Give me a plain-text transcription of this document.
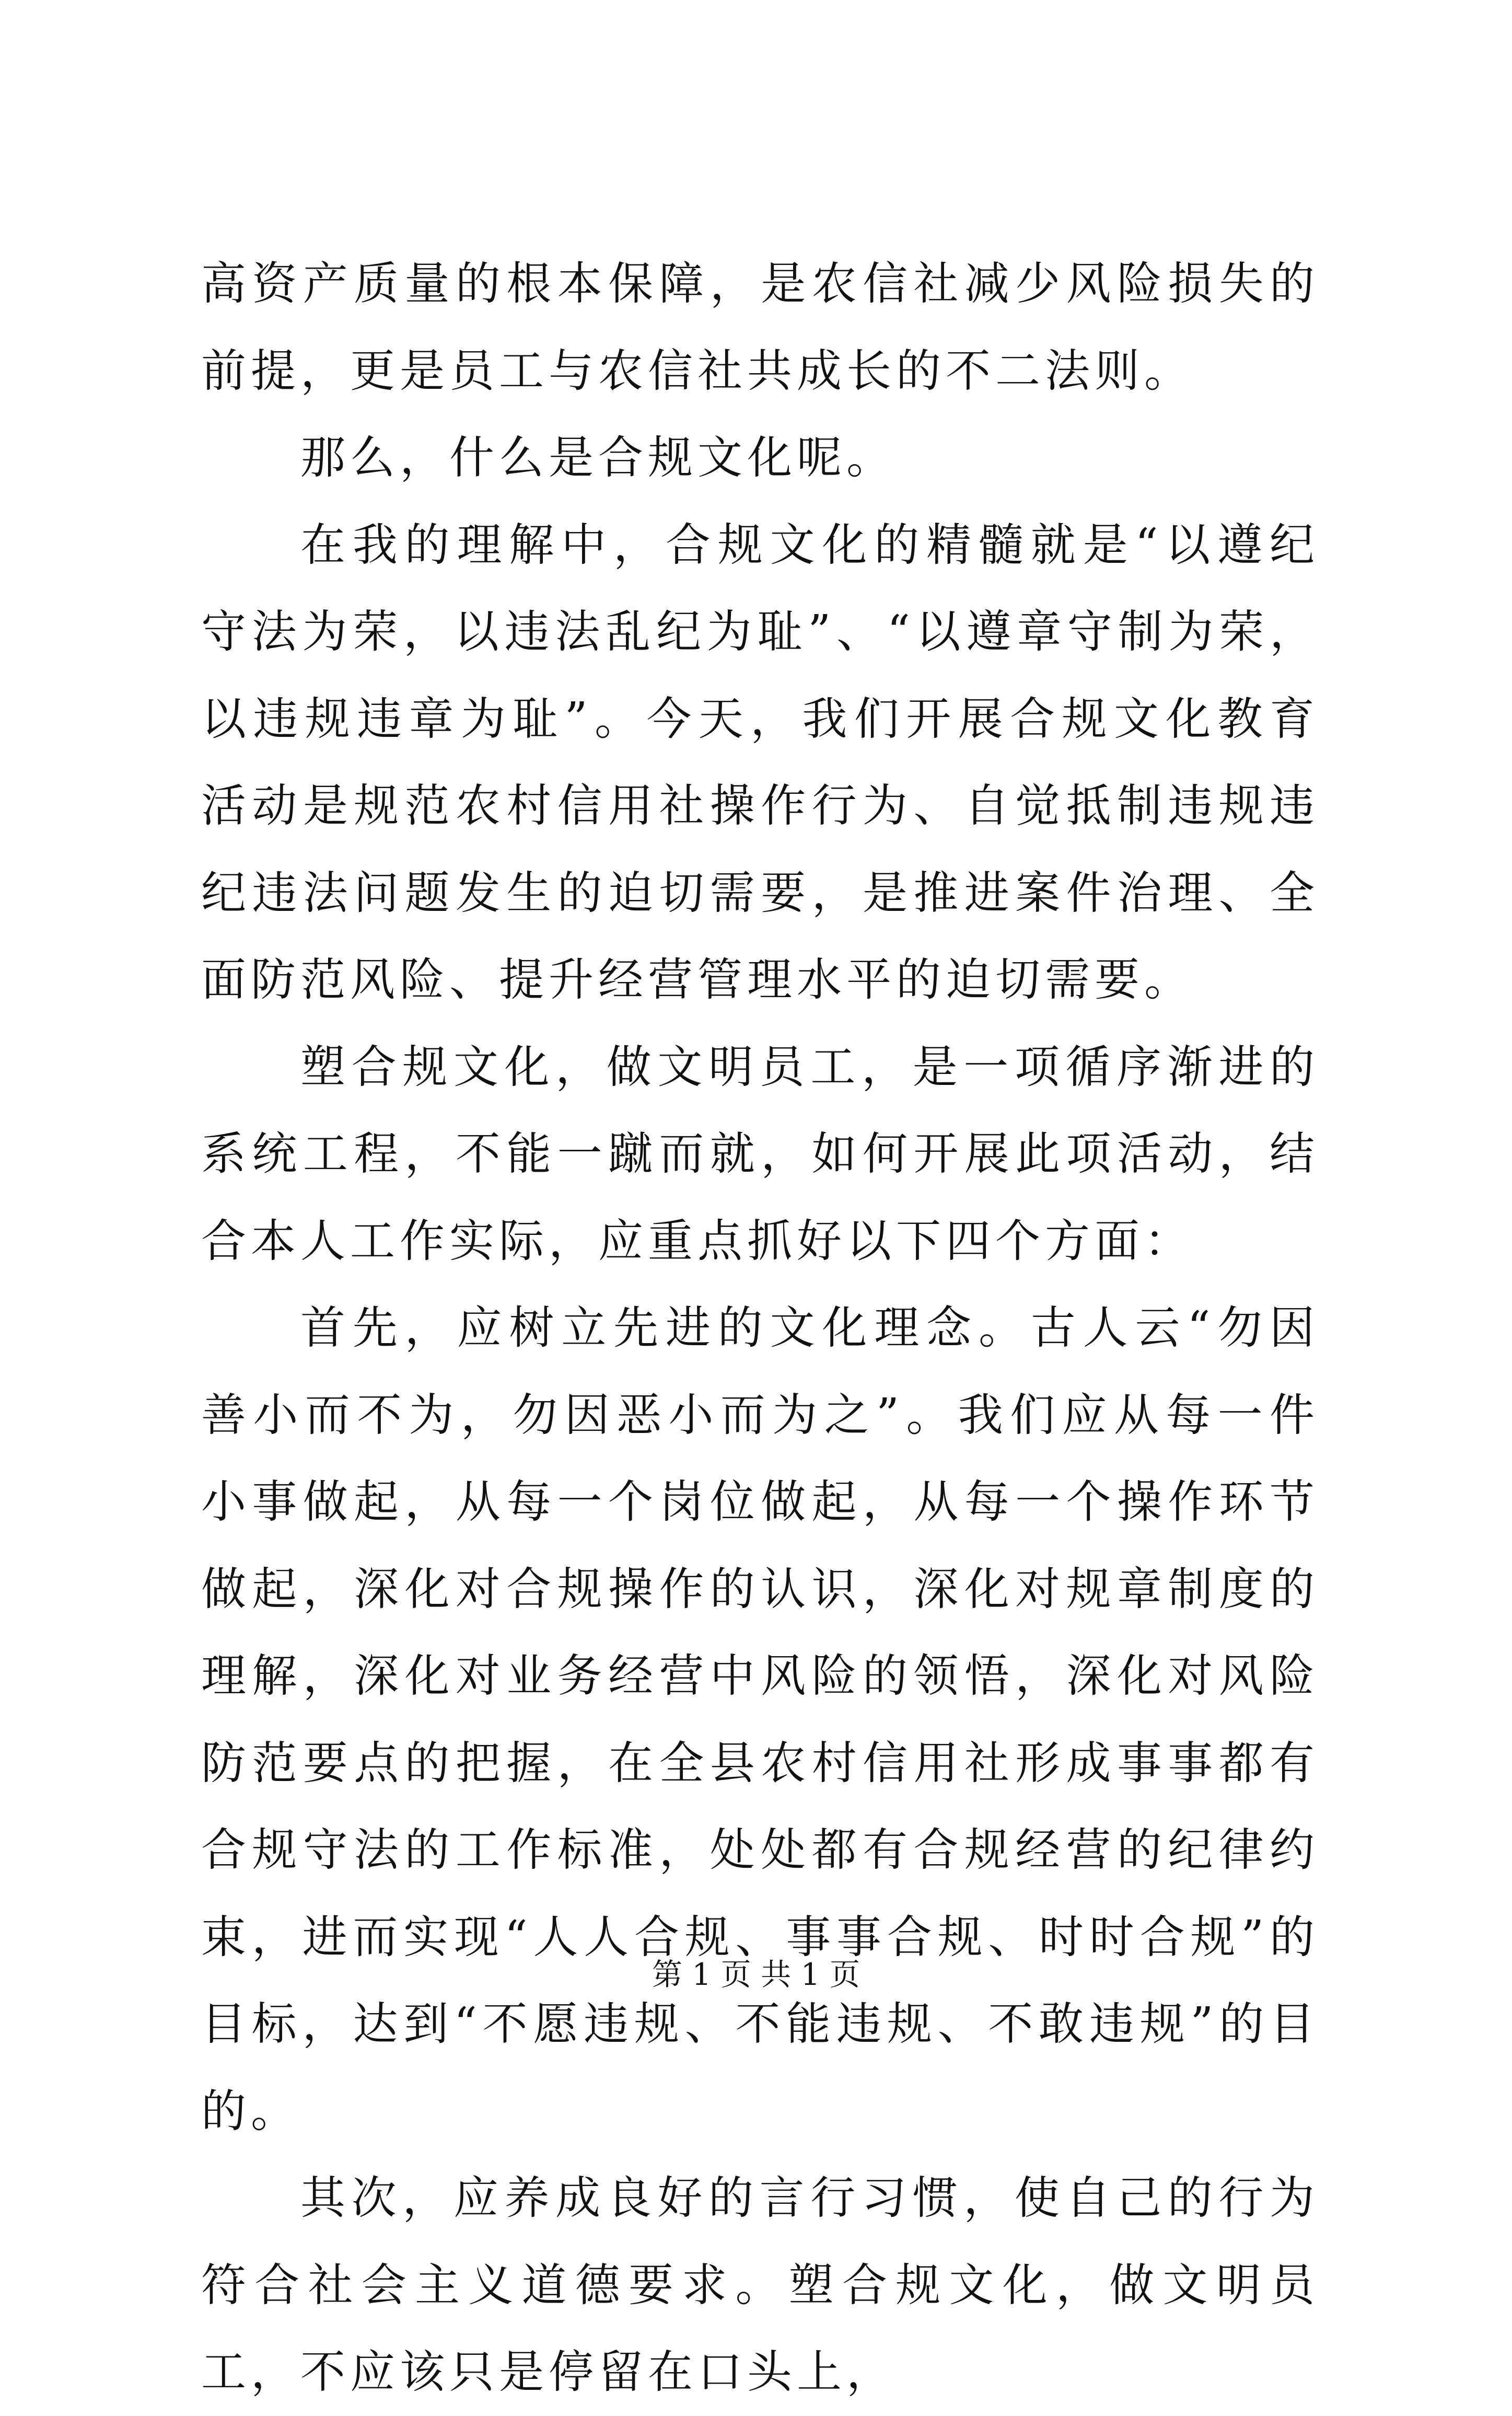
高资产质量的根本保障，是农信社减少风险损失的前提，更是员工与农信社共成长的不二法则。

那么，什么是合规文化呢。

在我的理解中，合规文化的精髓就是“以遵纪守法为荣，以违法乱纪为耻”、“以遵章守制为荣，以违规违章为耻”。今天，我们开展合规文化教育活动是规范农村信用社操作行为、自觉抵制违规违纪违法问题发生的迫切需要，是推进案件治理、全面防范风险、提升经营管理水平的迫切需要。

塑合规文化，做文明员工，是一项循序渐进的系统工程，不能一蹴而就，如何开展此项活动，结合本人工作实际，应重点抓好以下四个方面：

首先，应树立先进的文化理念。古人云“勿因善小而不为，勿因恶小而为之”。我们应从每一件小事做起，从每一个岗位做起，从每一个操作环节做起，深化对合规操作的认识，深化对规章制度的理解，深化对业务经营中风险的领悟，深化对风险防范要点的把握，在全县农村信用社形成事事都有合规守法的工作标准，处处都有合规经营的纪律约束，进而实现“人人合规、事事合规、时时合规”的目标，达到“不愿违规、不能违规、不敢违规”的目的。

其次，应养成良好的言行习惯，使自己的行为符合社会主义道德要求。塑合规文化，做文明员工，不应该只是停留在口头上，

第 1 页 共 1 页
